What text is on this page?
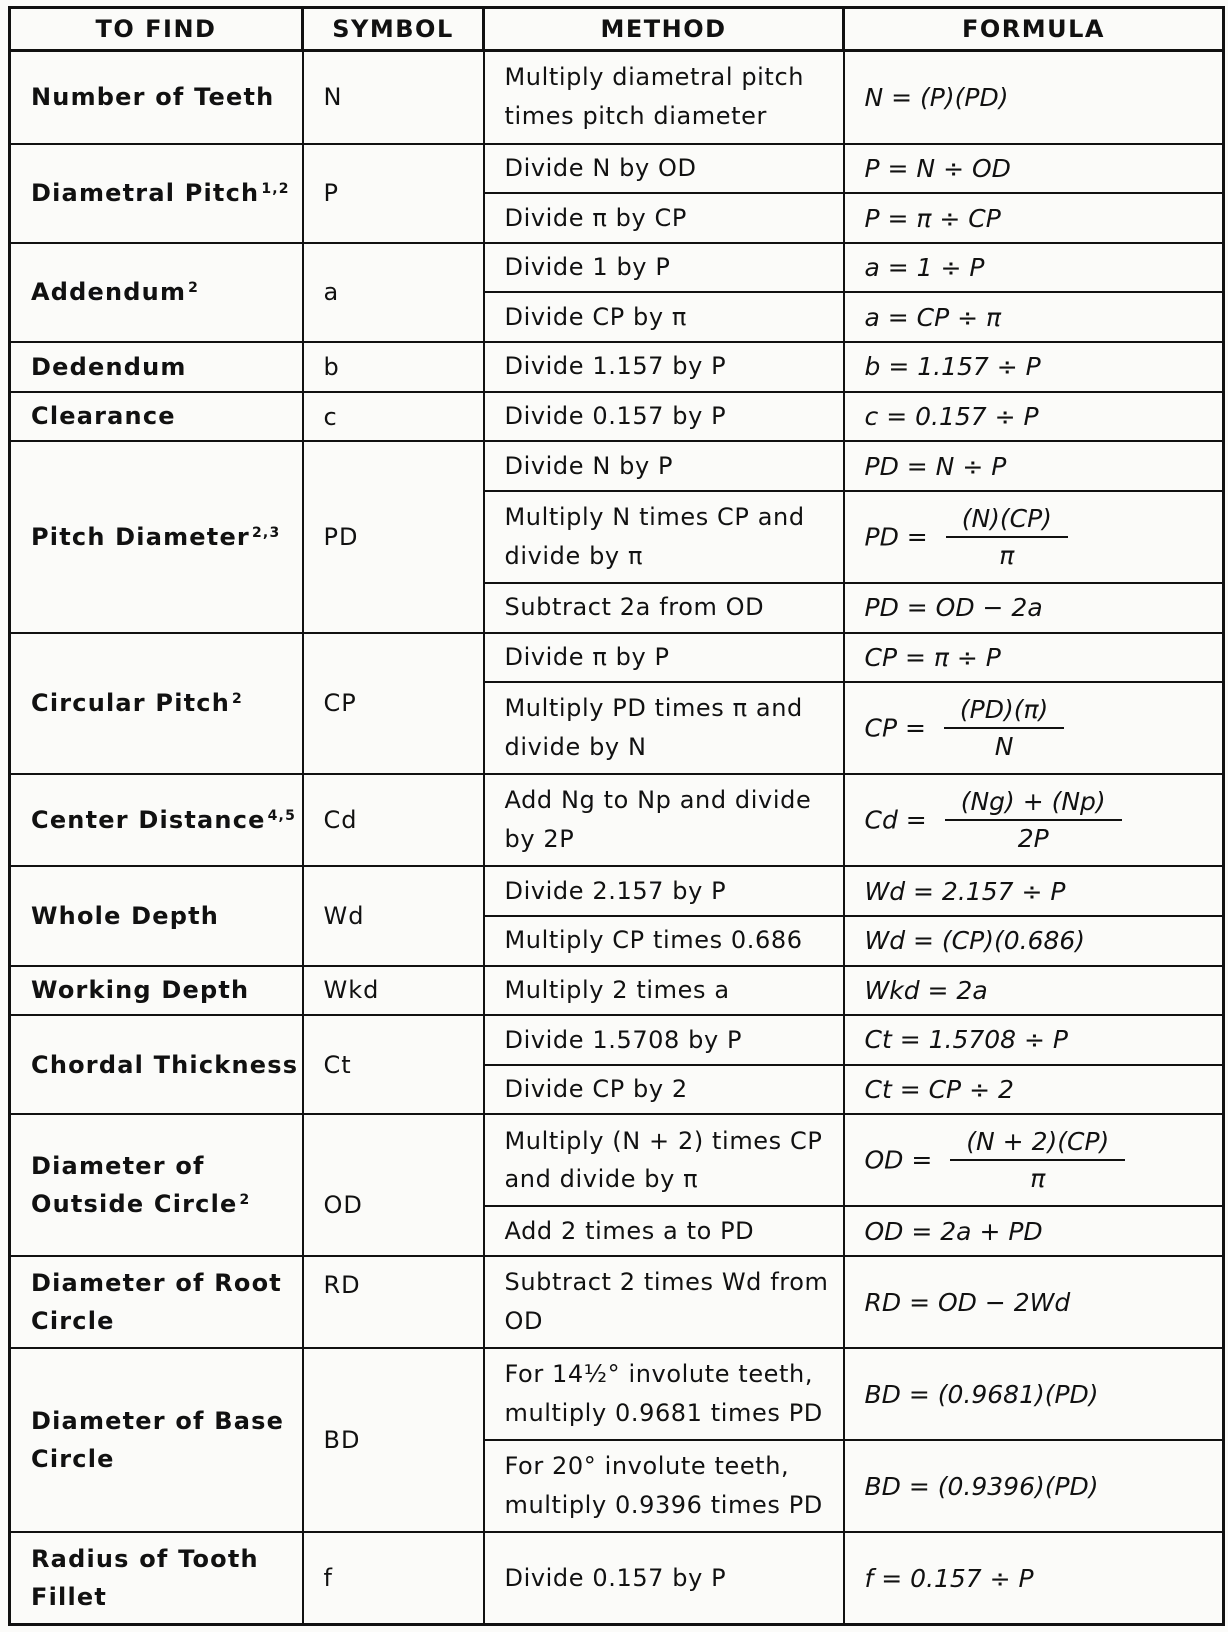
TO FIND	SYMBOL	METHOD	FORMULA
Number of Teeth	N	Multiply diametral pitch times pitch diameter	N = (P)(PD)
Diametral Pitch $^{1,2}$	P	Divide N by OD	P = N ÷ OD
		Divide π by CP	P = π ÷ CP
Addendum $^2$	a	Divide 1 by P	a = 1 ÷ P
		Divide CP by π	a = CP ÷ π
Dedendum	b	Divide 1.157 by P	b = 1.157 ÷ P
Clearance	c	Divide 0.157 by P	c = 0.157 ÷ P
Pitch Diameter $^{2,3}$	PD	Divide N by P	PD = N ÷ P
		Multiply N times CP and divide by π	PD = $\frac{(N)(CP)}{\pi}$

		Subtract 2a from OD	PD = OD − 2a
Circular Pitch $^2$	CP	Divide π by P	CP = π ÷ P
		Multiply PD times π and divide by N	CP = $\frac{(PD)(\pi)}{N}$

Center Distance $^{4,5}$	Cd	Add Ng to Np and divide by 2P	$Cd = \frac{(Ng) + (Np)}{2P}$

Whole Depth	Wd	Divide 2.157 by P	Wd = 2.157 ÷ P
		Multiply CP times 0.686	Wd = (CP)(0.686)
Working Depth	Wkd	Multiply 2 times a	Wkd = 2a
Chordal Thickness	Ct	Divide 1.5708 by P	Ct = 1.5708 ÷ P
		Divide CP by 2	Ct = CP ÷ 2
Diameter of Outside Circle $^2$	OD	Multiply (N + 2) times CP and divide by π	OD = $\frac{(N + 2)(CP)}{\pi}$

		Add 2 times a to PD	OD = 2a + PD
Diameter of Root Circle	RD	Subtract 2 times Wd from OD	RD = OD − 2Wd
Diameter of Base Circle	BD	For 14½° involute teeth, multiply 0.9681 times PD	BD = (0.9681)(PD)
		For 20° involute teeth, multiply 0.9396 times PD	BD = (0.9396)(PD)
Radius of Tooth Fillet	f	Divide 0.157 by P	f = 0.157 ÷ P
